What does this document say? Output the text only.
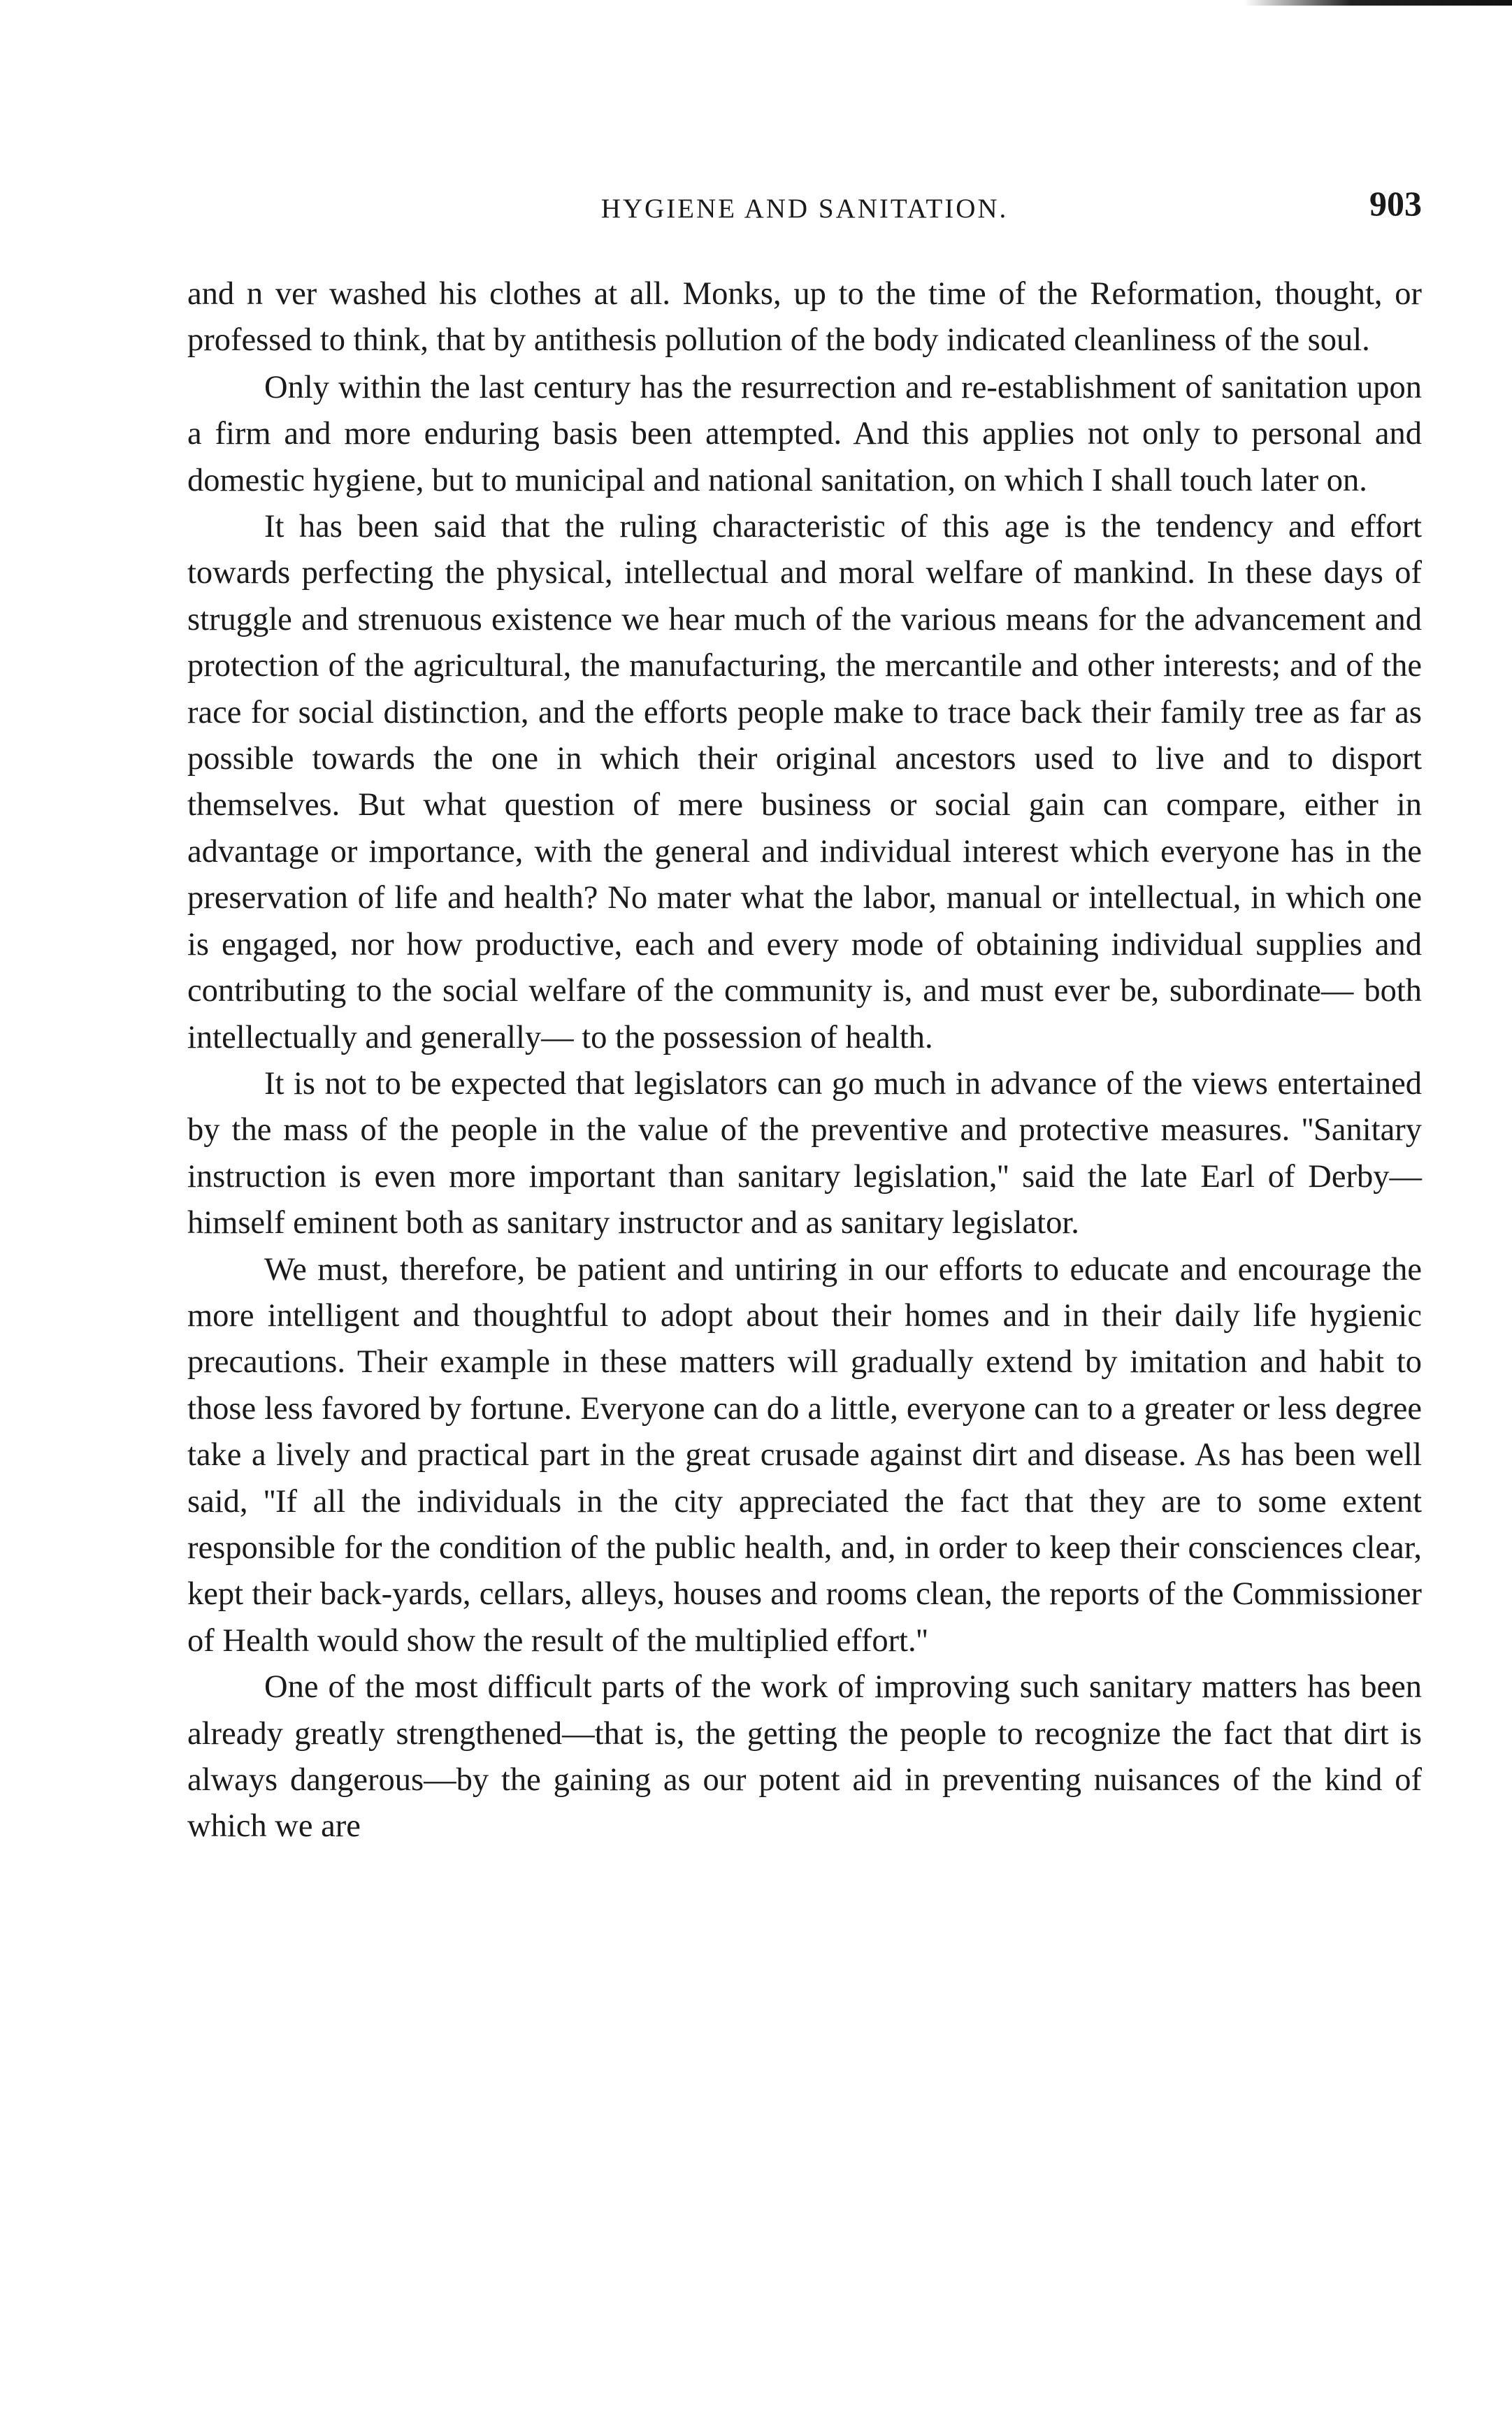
HYGIENE AND SANITATION.	903

and n ver washed his clothes at all. Monks, up to the time of the Reformation, thought, or professed to think, that by antithesis pollution of the body indicated cleanliness of the soul.

Only within the last century has the resurrection and re-establishment of sanitation upon a firm and more enduring basis been attempted. And this applies not only to personal and domestic hygiene, but to municipal and national sanitation, on which I shall touch later on.

It has been said that the ruling characteristic of this age is the tendency and effort towards perfecting the physical, intellectual and moral welfare of mankind. In these days of struggle and strenuous existence we hear much of the various means for the advancement and protection of the agricultural, the manufacturing, the mercantile and other interests; and of the race for social distinction, and the efforts people make to trace back their family tree as far as possible towards the one in which their original ancestors used to live and to disport themselves. But what question of mere business or social gain can compare, either in advantage or importance, with the general and individual interest which everyone has in the preservation of life and health? No mater what the labor, manual or intellectual, in which one is engaged, nor how productive, each and every mode of obtaining individual supplies and contributing to the social welfare of the community is, and must ever be, subordinate— both intellectually and generally— to the possession of health.

It is not to be expected that legislators can go much in advance of the views entertained by the mass of the people in the value of the preventive and protective measures. ''Sanitary instruction is even more important than sanitary legislation,'' said the late Earl of Derby—himself eminent both as sanitary instructor and as sanitary legislator.

We must, therefore, be patient and untiring in our efforts to educate and encourage the more intelligent and thoughtful to adopt about their homes and in their daily life hygienic precautions. Their example in these matters will gradually extend by imitation and habit to those less favored by fortune. Everyone can do a little, everyone can to a greater or less degree take a lively and practical part in the great crusade against dirt and disease. As has been well said, ''If all the individuals in the city appreciated the fact that they are to some extent responsible for the condition of the public health, and, in order to keep their consciences clear, kept their back-yards, cellars, alleys, houses and rooms clean, the reports of the Commissioner of Health would show the result of the multiplied effort.''

One of the most difficult parts of the work of improving such sanitary matters has been already greatly strengthened—that is, the getting the people to recognize the fact that dirt is always dangerous—by the gaining as our potent aid in preventing nuisances of the kind of which we are
